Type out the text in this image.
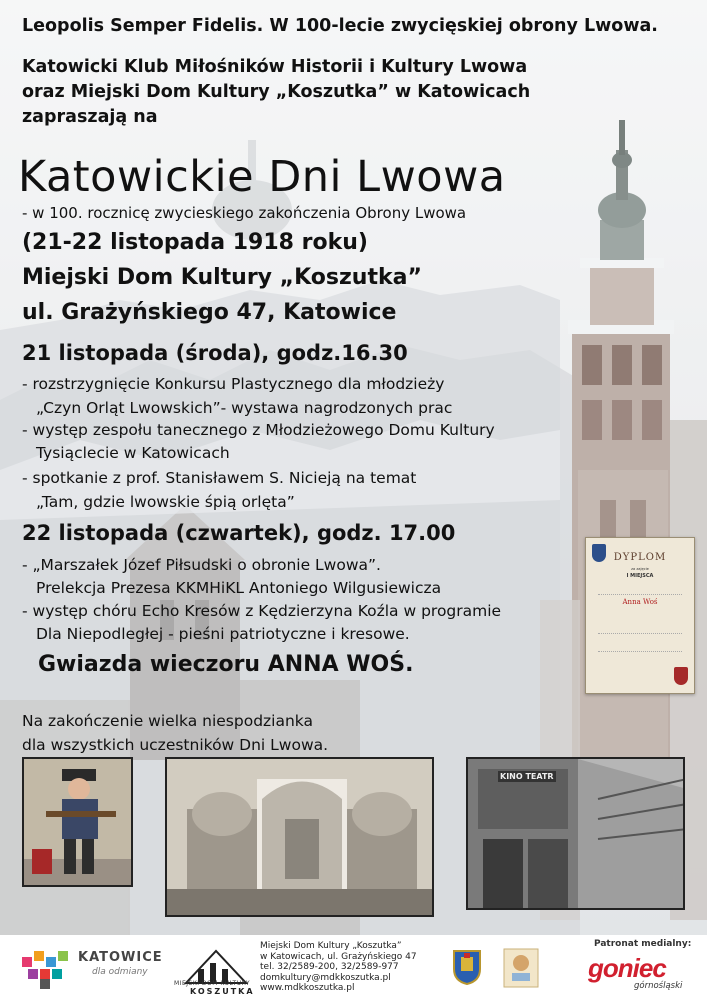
Leopolis Semper Fidelis. W 100-lecie zwycięskiej obrony Lwowa.
Katowicki Klub Miłośników Historii i Kultury Lwowa
oraz Miejski Dom Kultury „Koszutka” w Katowicach
zapraszają na
Katowickie Dni Lwowa
- w 100. rocznicę zwycieskiego zakończenia Obrony Lwowa
(21-22 listopada 1918 roku)
Miejski Dom Kultury „Koszutka”
ul. Grażyńskiego 47, Katowice
21 listopada (środa), godz.16.30
- rozstrzygnięcie Konkursu Plastycznego dla młodzieży
„Czyn Orląt Lwowskich”- wystawa nagrodzonych prac
- występ zespołu tanecznego z Młodzieżowego Domu Kultury
Tysiąclecie w Katowicach
- spotkanie z prof. Stanisławem S. Nicieją na temat
„Tam, gdzie lwowskie śpią orlęta”
22 listopada (czwartek), godz. 17.00
- „Marszałek Józef Piłsudski o obronie Lwowa”.
Prelekcja Prezesa KKMHiKL Antoniego Wilgusiewicza
- występ chóru Echo Kresów z Kędzierzyna Koźla w programie
Dla Niepodległej - pieśni patriotyczne i kresowe.
Gwiazda wieczoru ANNA WOŚ.
Na zakończenie wielka niespodzianka
dla wszystkich uczestników Dni Lwowa.
DYPLOM
za zajęcie
I MIEJSCA
Anna Woś
KINO TEATR
KATOWICE
dla odmiany
MIEJSKI DOM KULTURY
KOSZUTKA
Miejski Dom Kultury „Koszutka”
w Katowicach, ul. Grażyńskiego 47
tel. 32/2589-200, 32/2589-977
domkultury@mdkkoszutka.pl
www.mdkkoszutka.pl
Patronat medialny:
goniec
górnośląski
